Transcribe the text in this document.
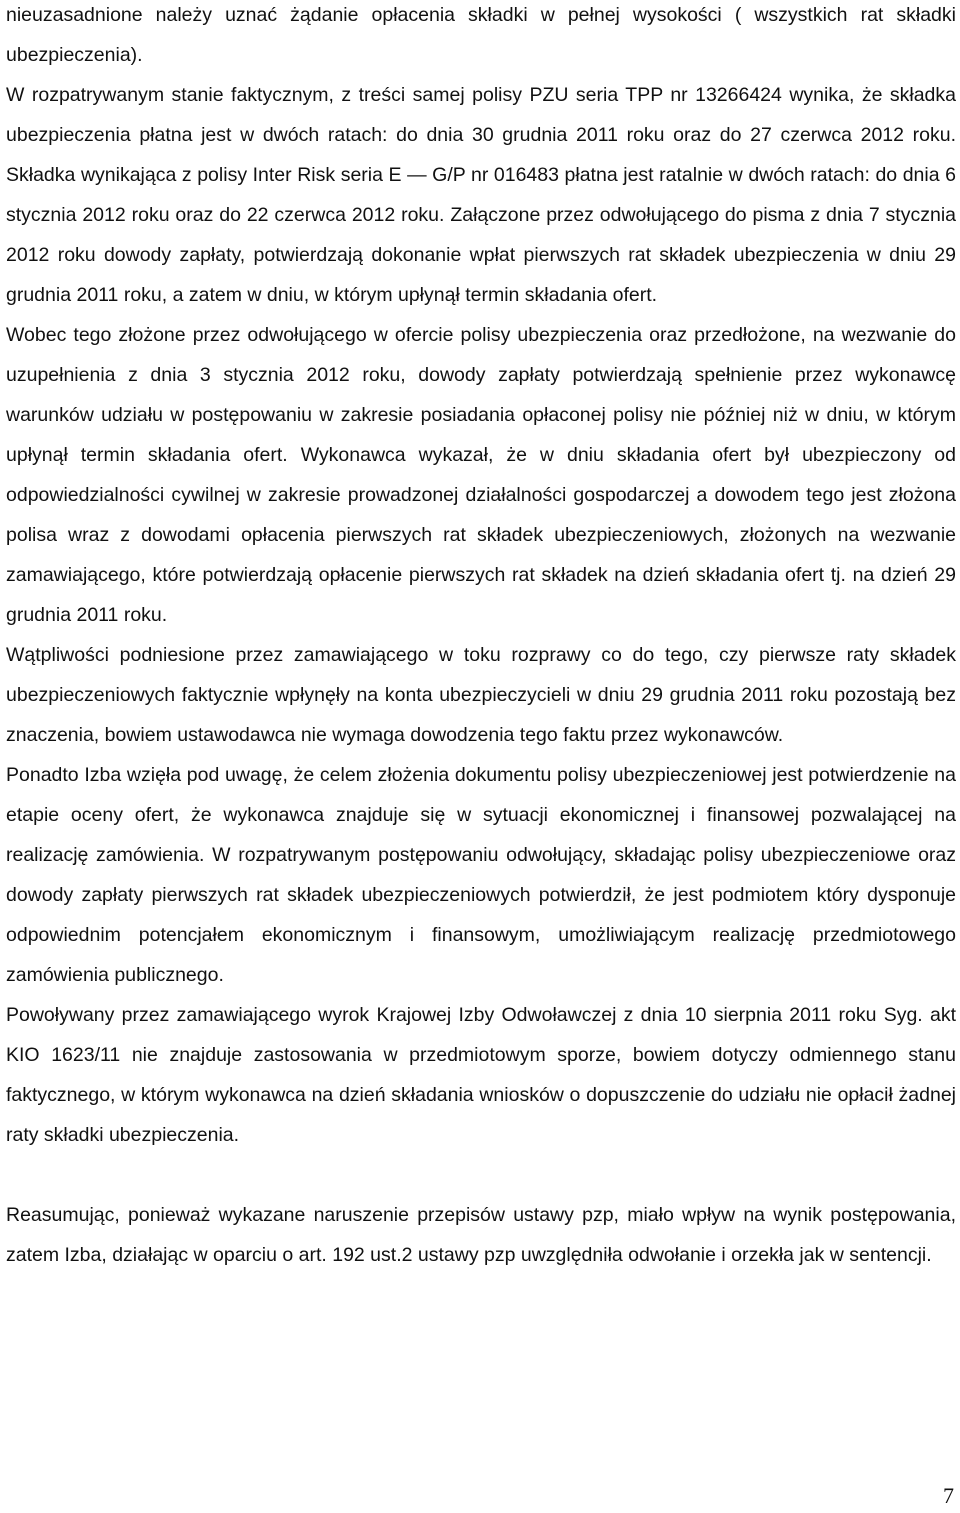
nieuzasadnione należy uznać żądanie opłacenia składki w pełnej wysokości ( wszystkich rat składki ubezpieczenia).

W rozpatrywanym stanie faktycznym, z treści samej polisy PZU seria TPP nr 13266424 wynika, że składka ubezpieczenia płatna jest w dwóch ratach: do dnia 30 grudnia 2011 roku oraz do 27 czerwca 2012 roku. Składka wynikająca z polisy Inter Risk seria E — G/P nr 016483 płatna jest ratalnie w dwóch ratach: do dnia 6 stycznia 2012 roku oraz do 22 czerwca 2012 roku. Załączone przez odwołującego do pisma z dnia 7 stycznia 2012 roku dowody zapłaty, potwierdzają dokonanie wpłat pierwszych rat składek ubezpieczenia w dniu 29 grudnia 2011 roku, a zatem w dniu, w którym upłynął termin składania ofert.

Wobec tego złożone przez odwołującego w ofercie polisy ubezpieczenia oraz przedłożone, na wezwanie do uzupełnienia z dnia 3 stycznia 2012 roku, dowody zapłaty potwierdzają spełnienie przez wykonawcę warunków udziału w postępowaniu w zakresie posiadania opłaconej polisy nie później niż w dniu, w którym upłynął termin składania ofert. Wykonawca wykazał, że w dniu składania ofert był ubezpieczony od odpowiedzialności cywilnej w zakresie prowadzonej działalności gospodarczej a dowodem tego jest złożona polisa wraz z dowodami opłacenia pierwszych rat składek ubezpieczeniowych, złożonych na wezwanie zamawiającego, które potwierdzają opłacenie pierwszych rat składek na dzień składania ofert tj. na dzień 29 grudnia 2011 roku.

Wątpliwości podniesione przez zamawiającego w toku rozprawy co do tego, czy pierwsze raty składek ubezpieczeniowych faktycznie wpłynęły na konta ubezpieczycieli w dniu 29 grudnia 2011 roku pozostają bez znaczenia, bowiem ustawodawca nie wymaga dowodzenia tego faktu przez wykonawców.

Ponadto Izba wzięła pod uwagę, że celem złożenia dokumentu polisy ubezpieczeniowej jest potwierdzenie na etapie oceny ofert, że wykonawca znajduje się w sytuacji ekonomicznej i finansowej pozwalającej na realizację zamówienia. W rozpatrywanym postępowaniu odwołujący, składając polisy ubezpieczeniowe oraz dowody zapłaty pierwszych rat składek ubezpieczeniowych potwierdził, że jest podmiotem który dysponuje odpowiednim potencjałem ekonomicznym i finansowym, umożliwiającym realizację przedmiotowego zamówienia publicznego.

Powoływany przez zamawiającego wyrok Krajowej Izby Odwoławczej z dnia 10 sierpnia 2011 roku Syg. akt KIO 1623/11 nie znajduje zastosowania w przedmiotowym sporze, bowiem dotyczy odmiennego stanu faktycznego, w którym wykonawca na dzień składania wniosków o dopuszczenie do udziału nie opłacił żadnej raty składki ubezpieczenia.

Reasumując, ponieważ wykazane naruszenie przepisów ustawy pzp, miało wpływ na wynik postępowania, zatem Izba, działając w oparciu o art. 192 ust.2 ustawy pzp uwzględniła odwołanie i orzekła jak w sentencji.

7
